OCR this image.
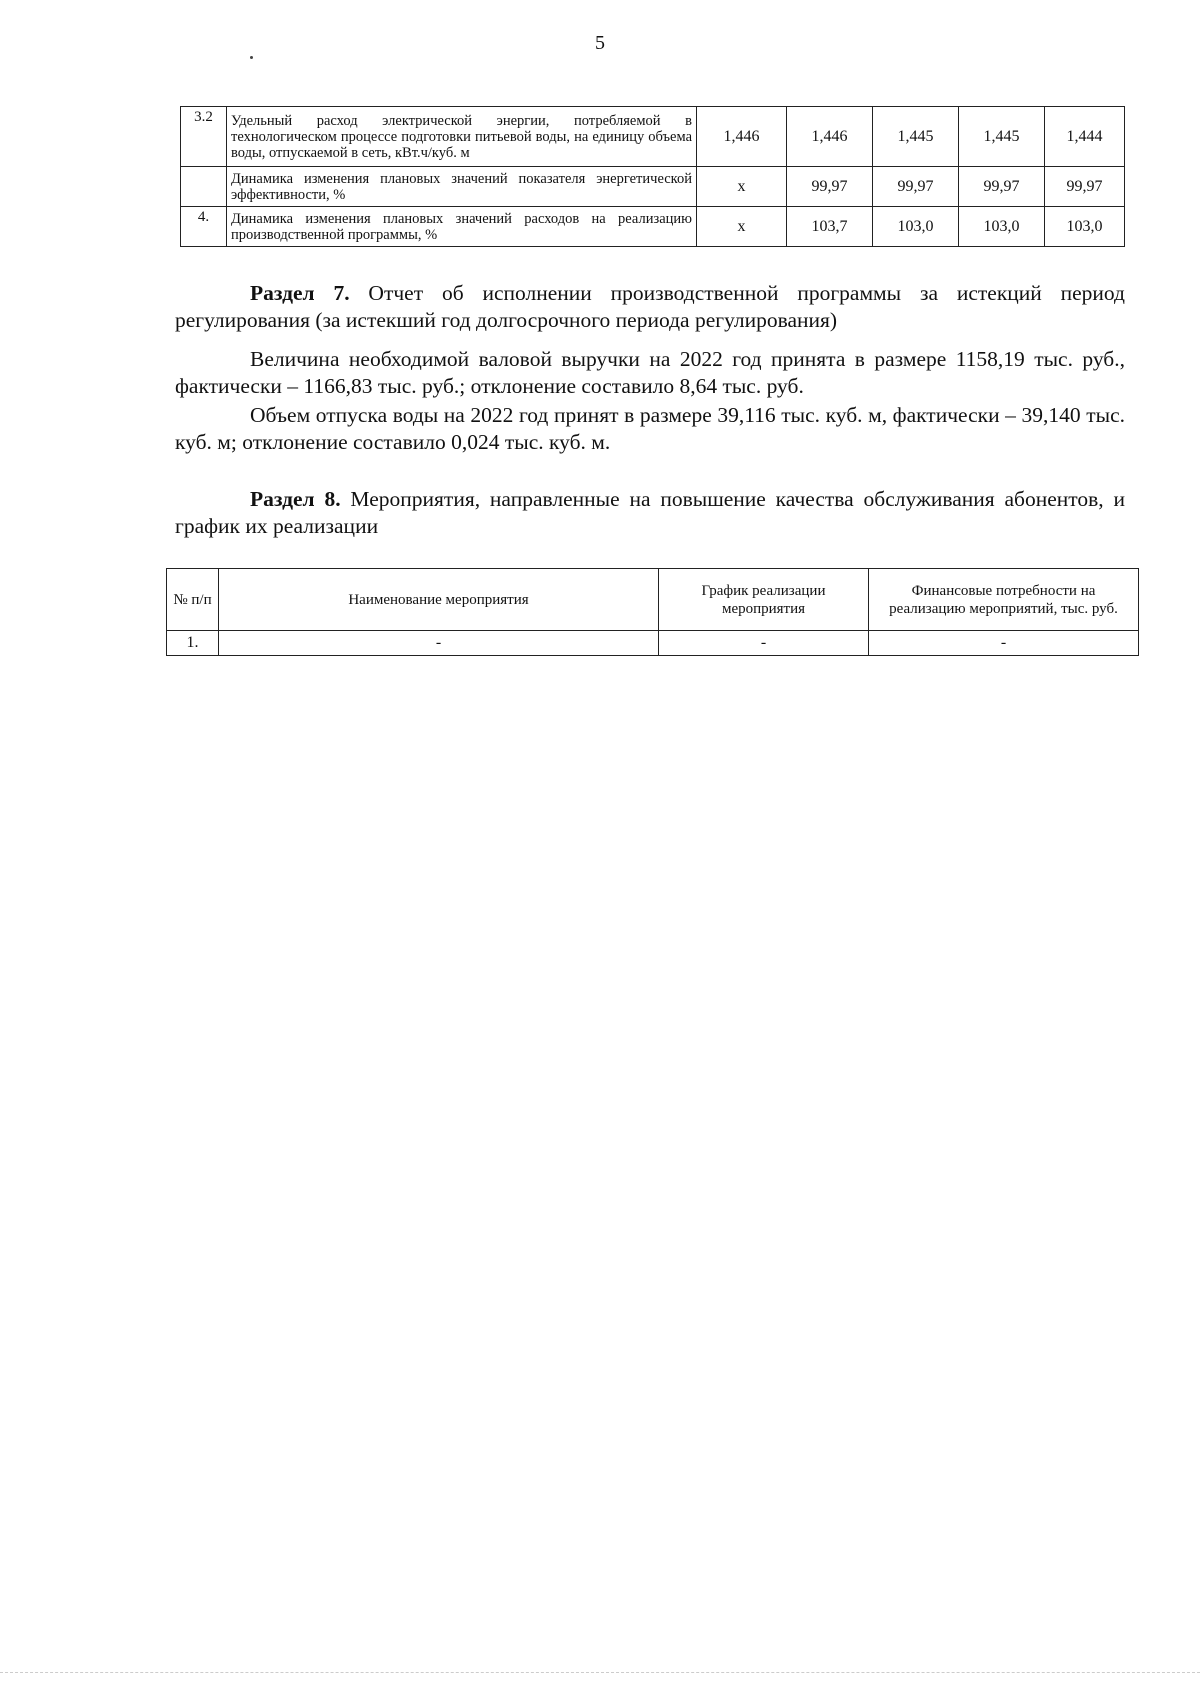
5
3.2	Удельный расход электрической энергии, потребляемой в технологическом процессе подготовки питьевой воды, на единицу объема воды, отпускаемой в сеть, кВт.ч/куб. м	1,446	1,446	1,445	1,445	1,444
	Динамика изменения плановых значений показателя энергетической эффективности, %	x	99,97	99,97	99,97	99,97
4.	Динамика изменения плановых значений расходов на реализацию производственной программы, %	x	103,7	103,0	103,0	103,0
Раздел 7. Отчет об исполнении производственной программы за истекций период регулирования (за истекший год долгосрочного периода регулирования)
Величина необходимой валовой выручки на 2022 год принята в размере 1158,19 тыс. руб., фактически – 1166,83 тыс. руб.; отклонение составило 8,64 тыс. руб.
Объем отпуска воды на 2022 год принят в размере 39,116 тыс. куб. м, фактически – 39,140 тыс. куб. м; отклонение составило 0,024 тыс. куб. м.
Раздел 8. Мероприятия, направленные на повышение качества обслуживания абонентов, и график их реализации
№ п/п	Наименование мероприятия	График реализации мероприятия	Финансовые потребности на реализацию мероприятий, тыс. руб.
1.	-	-	-
